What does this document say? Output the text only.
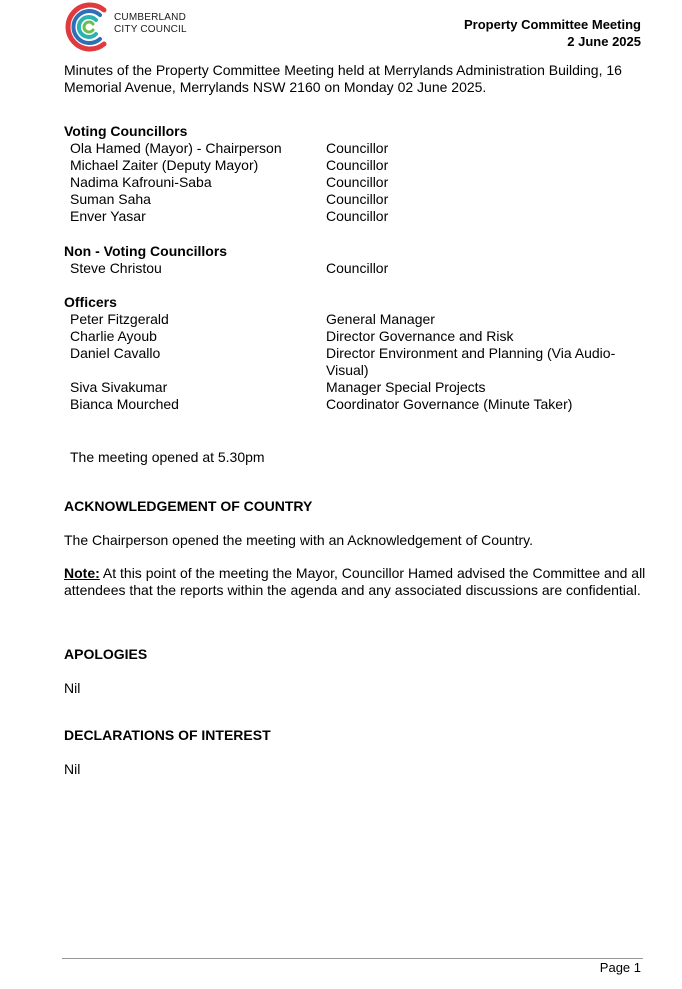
CUMBERLAND
CITY COUNCIL	Property Committee Meeting
2 June 2025
Minutes of the Property Committee Meeting held at Merrylands Administration Building, 16 Memorial Avenue, Merrylands NSW 2160 on Monday 02 June 2025.
Voting Councillors
Ola Hamed (Mayor) - Chairperson	Councillor
Michael Zaiter (Deputy Mayor)	Councillor
Nadima Kafrouni-Saba	Councillor
Suman Saha	Councillor
Enver Yasar	Councillor
Non - Voting Councillors
Steve Christou	Councillor
Officers
Peter Fitzgerald	General Manager
Charlie Ayoub	Director Governance and Risk
Daniel Cavallo	Director Environment and Planning (Via Audio-Visual)
Siva Sivakumar	Manager Special Projects
Bianca Mourched	Coordinator Governance (Minute Taker)
The meeting opened at 5.30pm
ACKNOWLEDGEMENT OF COUNTRY
The Chairperson opened the meeting with an Acknowledgement of Country.
Note: At this point of the meeting the Mayor, Councillor Hamed advised the Committee and all attendees that the reports within the agenda and any associated discussions are confidential.
APOLOGIES
Nil
DECLARATIONS OF INTEREST
Nil
Page 1
